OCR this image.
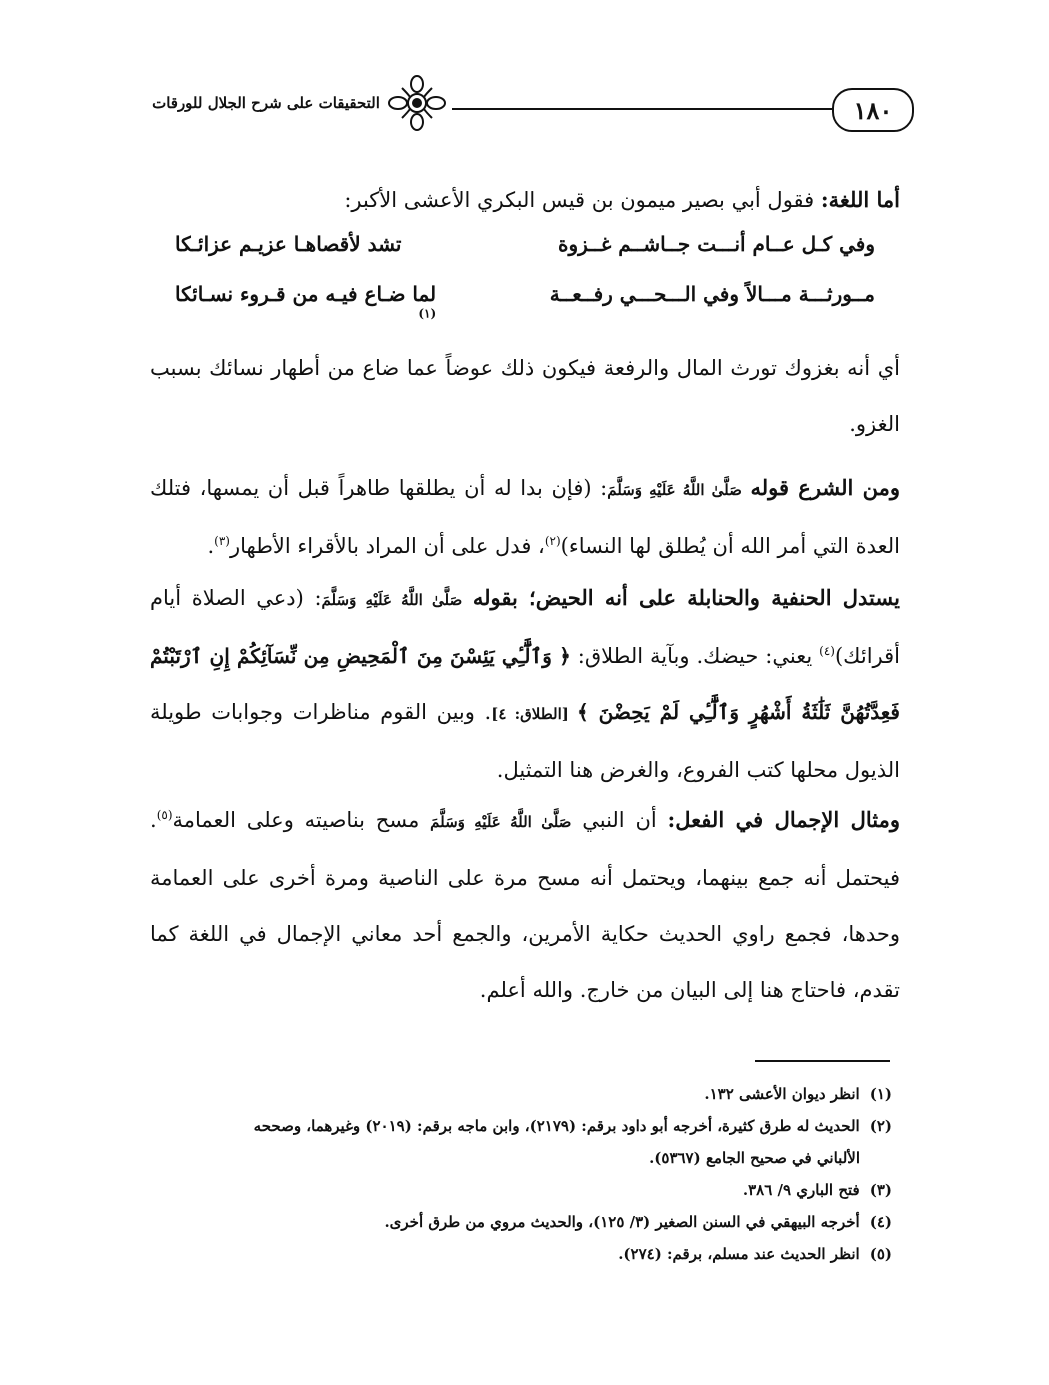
التحقيقات على شرح الجلال للورقات	١٨٠

أما اللغة: فقول أبي بصير ميمون بن قيس البكري الأعشى الأكبر:

وفي كـل عــام أنـــت جــاشــم غــزوة
تشد لأقصاهـا عزيـم عزائـكا
مــورثـــة مـــالاً وفي الـــحـــي رفــعــة
لما ضـاع فيـه من قـروء نسـائكا
$^{(١)}$

أي أنه بغزوك تورث المال والرفعة فيكون ذلك عوضاً عما ضاع من أطهار نسائك بسبب الغزو.

ومن الشرع قوله صَلَّىٰ اللَّهُ عَلَيْهِ وَسَلَّمَ: (فإن بدا له أن يطلقها طاهراً قبل أن يمسها، فتلك العدة التي أمر الله أن يُطلق لها النساء)$^{(٢)}$، فدل على أن المراد بالأقراء الأطهار$^{(٣)}$.

يستدل الحنفية والحنابلة على أنه الحيض؛ بقوله صَلَّىٰ اللَّهُ عَلَيْهِ وَسَلَّمَ: (دعي الصلاة أيام أقرائك)$^{(٤)}$ يعني: حيضك. وبآية الطلاق: ﴿ وَٱلَّٰٓـِٔي يَئِسْنَ مِنَ ٱلْمَحِيضِ مِن نِّسَآئِكُمْ إِنِ ٱرْتَبْتُمْ فَعِدَّتُهُنَّ ثَلَٰثَةُ أَشْهُرٍ وَٱلَّٰٓـِٔي لَمْ يَحِضْنَ ﴾ [الطلاق: ٤]. وبين القوم مناظرات وجوابات طويلة الذيول محلها كتب الفروع، والغرض هنا التمثيل.

ومثال الإجمال في الفعل: أن النبي صَلَّىٰ اللَّهُ عَلَيْهِ وَسَلَّمَ مسح بناصيته وعلى العمامة$^{(٥)}$. فيحتمل أنه جمع بينهما، ويحتمل أنه مسح مرة على الناصية ومرة أخرى على العمامة وحدها، فجمع راوي الحديث حكاية الأمرين، والجمع أحد معاني الإجمال في اللغة كما تقدم، فاحتاج هنا إلى البيان من خارج. والله أعلم.

(١)
انظر ديوان الأعشى ١٣٢.
(٢)
الحديث له طرق كثيرة، أخرجه أبو داود برقم: (٢١٧٩)، وابن ماجه برقم: (٢٠١٩) وغيرهما، وصححه
الألباني في صحيح الجامع (٥٣٦٧).
(٣)
فتح الباري ٩/ ٣٨٦.
(٤)
أخرجه البيهقي في السنن الصغير (٣/ ١٢٥)، والحديث مروي من طرق أخرى.
(٥)
انظر الحديث عند مسلم، برقم: (٢٧٤).
